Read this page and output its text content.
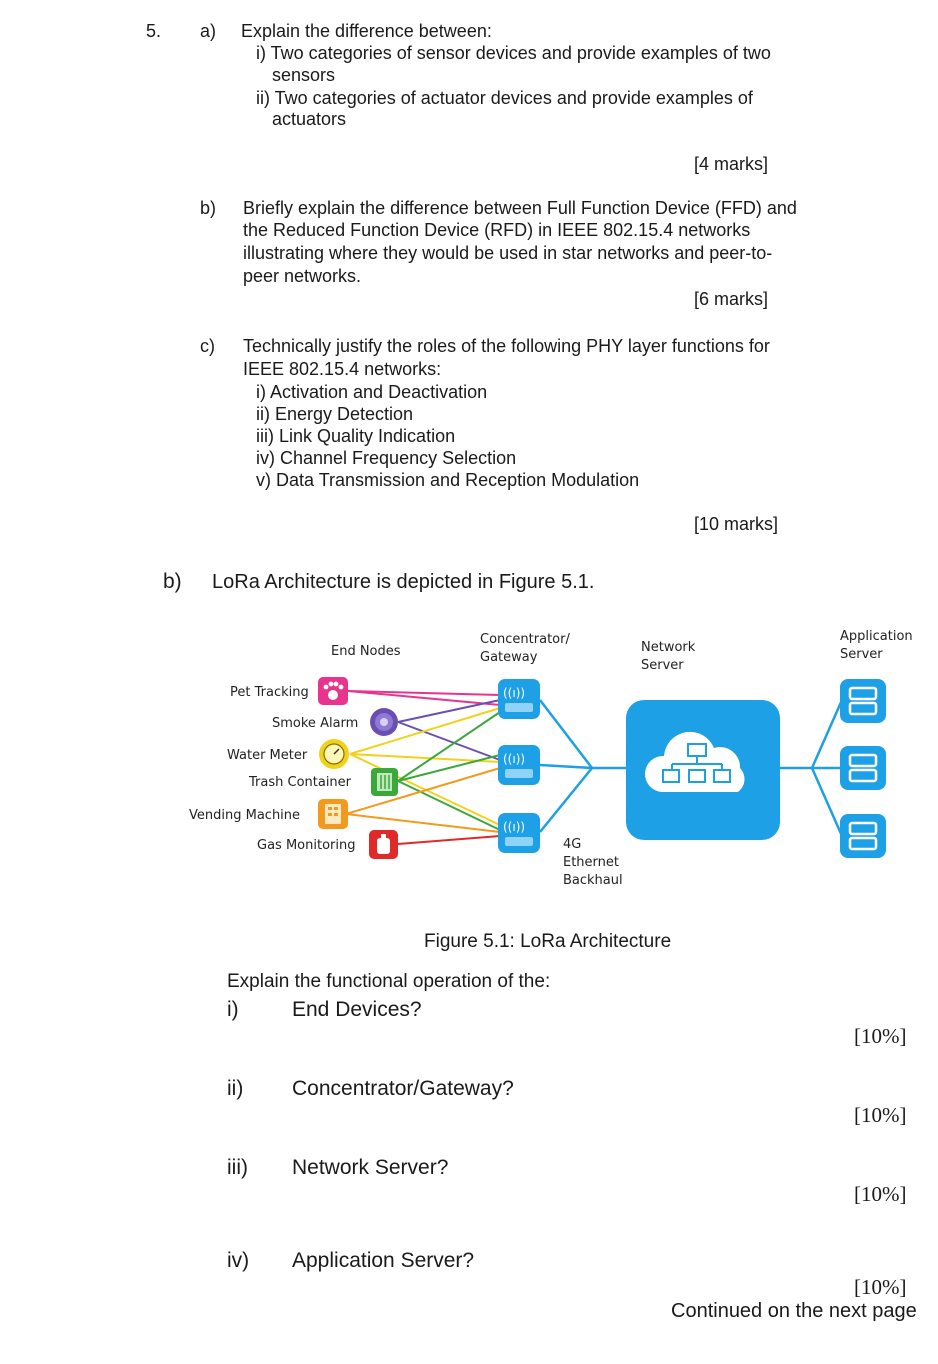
5. a) Explain the difference between:
i) Two categories of sensor devices and provide examples of two
sensors
ii) Two categories of actuator devices and provide examples of
actuators
[4 marks]
b) Briefly explain the difference between Full Function Device (FFD) and
the Reduced Function Device (RFD) in IEEE 802.15.4 networks
illustrating where they would be used in star networks and peer-to-
peer networks.
[6 marks]
c) Technically justify the roles of the following PHY layer functions for
IEEE 802.15.4 networks:
i) Activation and Deactivation
ii) Energy Detection
iii) Link Quality Indication
iv) Channel Frequency Selection
v) Data Transmission and Reception Modulation
[10 marks]
b) LoRa Architecture is depicted in Figure 5.1.
End Nodes
Concentrator/
Gateway
Network
Server
Application
Server
Pet Tracking
Smoke Alarm
Water Meter
Trash Container
Vending Machine
Gas Monitoring
((ı))
((ı))
((ı))
4G
Ethernet
Backhaul
Figure 5.1: LoRa Architecture
Explain the functional operation of the:
i)	End Devices?
[10%]
ii) Concentrator/Gateway?
[10%]
iii) Network Server?
[10%]
iv) Application Server?
[10%]
Continued on the next page
